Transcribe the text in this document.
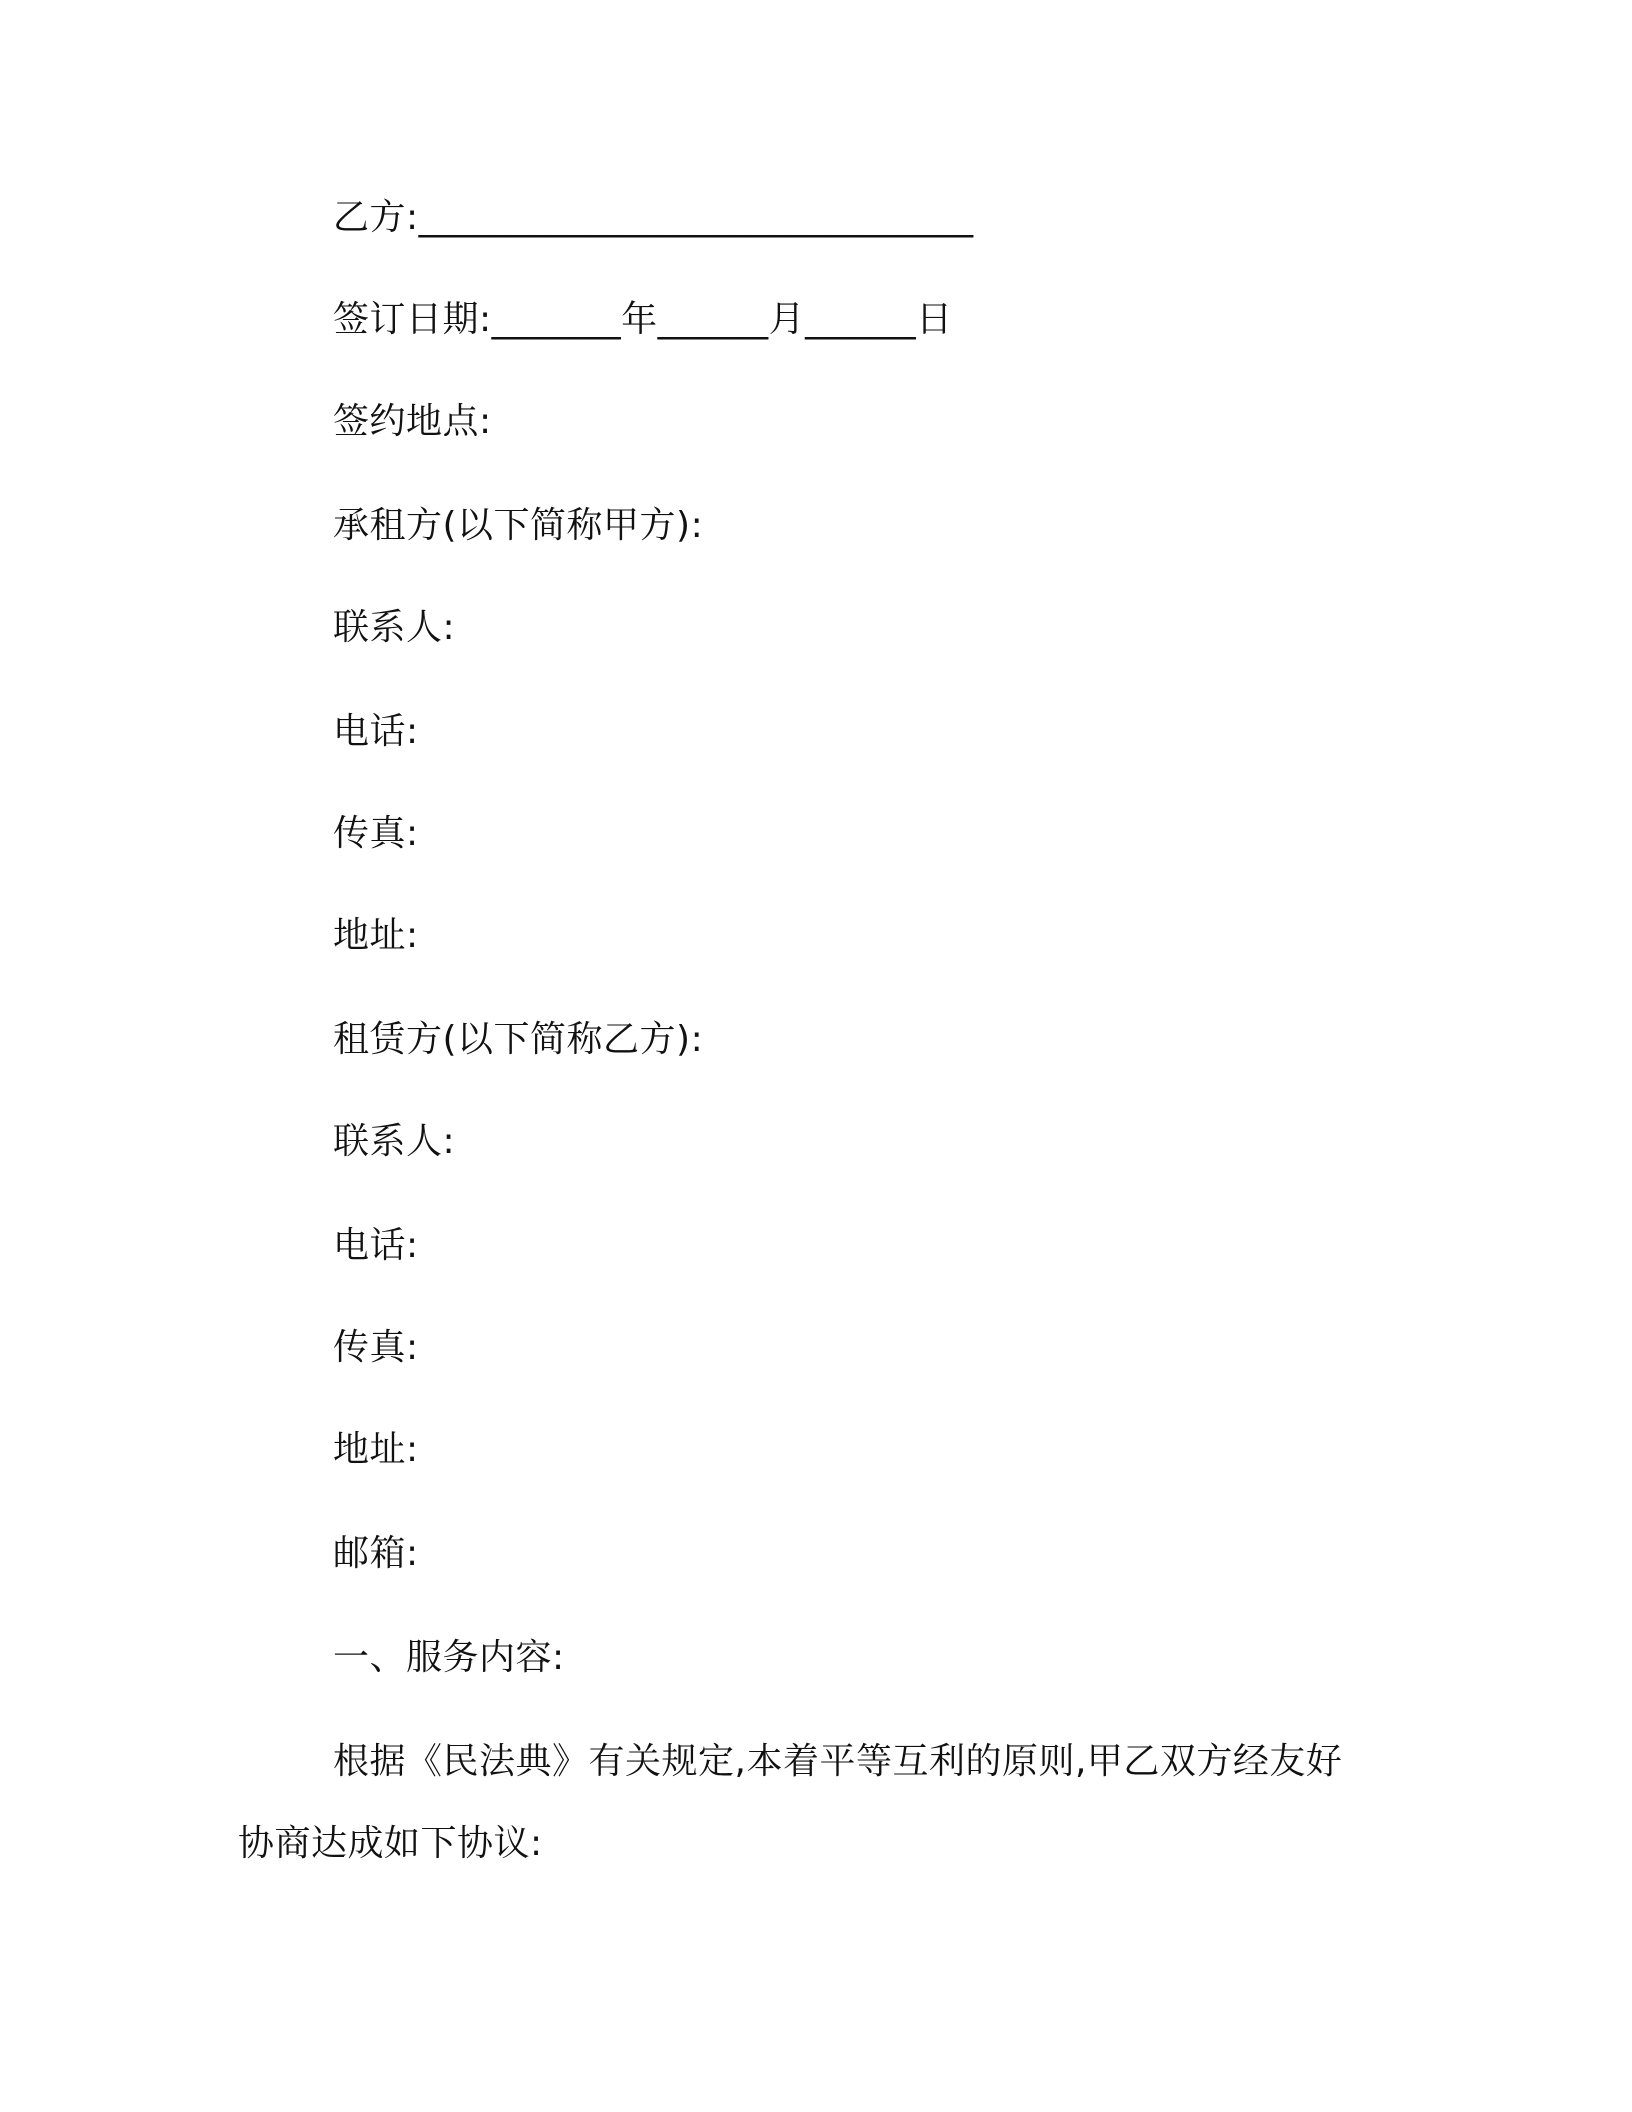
乙方:______________________________
签订日期:_______年______月______日
签约地点:
承租方(以下简称甲方):
联系人:
电话:
传真:
地址:
租赁方(以下简称乙方):
联系人:
电话:
传真:
地址:
邮箱:
一、服务内容:
根据《民法典》有关规定,本着平等互利的原则,甲乙双方经友好
协商达成如下协议:
